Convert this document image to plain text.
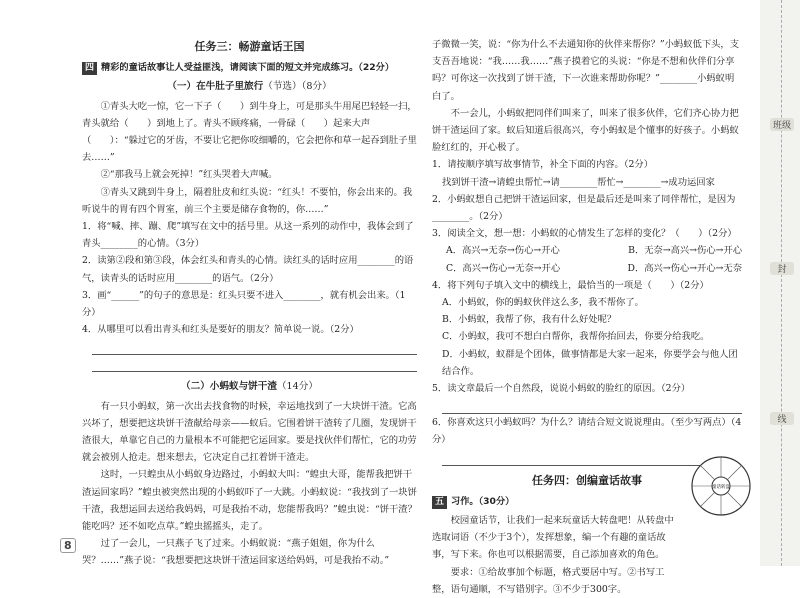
任务三：畅游童话王国
四 精彩的童话故事让人受益匪浅，请阅读下面的短文并完成练习。（22分）
（一）在牛肚子里旅行（节选）（8分）

①青头大吃一惊，它一下子（　　）到牛身上，可是那头牛用尾巴轻轻一扫，青头就给（　　）到地上了。青头不顾疼痛，一骨碌（　　）起来大声（　　）：“躲过它的牙齿，不要让它把你咬细嚼的，它会把你和草一起吞到肚子里去……”

②“那我马上就会死掉！”红头哭着大声喊。

③青头又跳到牛身上，隔着肚皮和红头说：“红头！不要怕，你会出来的。我听说牛的胃有四个胃室，前三个主要是储存食物的，你……”

1．将“喊、摔、蹦、爬”填写在文中的括号里。从这一系列的动作中，我体会到了青头________的心情。（3分）
2．读第②段和第③段，体会红头和青头的心情。读红头的话时应用________的语气，读青头的话时应用________的语气。（2分）
3．画“______”的句子的意思是：红头只要不进入________，就有机会出来。（1分）
4．从哪里可以看出青头和红头是要好的朋友？简单说一说。（2分）
（二）小蚂蚁与饼干渣（14分）

有一只小蚂蚁，第一次出去找食物的时候，幸运地找到了一大块饼干渣。它高兴坏了，想要把这块饼干渣献给母亲——蚁后。它围着饼干渣转了几圈，发现饼干渣很大，单靠它自己的力量根本不可能把它运回家。要是找伙伴们帮忙，它的功劳就会被别人抢走。想来想去，它决定自己扛着饼干渣走。

这时，一只蝗虫从小蚂蚁身边路过，小蚂蚁大叫：“蝗虫大哥，能帮我把饼干渣运回家吗？”蝗虫被突然出现的小蚂蚁吓了一大跳。小蚂蚁说：“我找到了一块饼干渣，我想运回去送给我妈妈，可是我抬不动，您能帮我吗？”蝗虫说：“饼干渣？能吃吗？还不如吃点草。”蝗虫摇摇头，走了。

过了一会儿，一只燕子飞了过来。小蚂蚁说：“燕子姐姐，你为什么哭？……”燕子说：“我想要把这块饼干渣运回家送给妈妈，可是我抬不动。”

子微微一笑，说：“你为什么不去通知你的伙伴来帮你？”小蚂蚁低下头，支支吾吾地说：“我……我……”燕子摸着它的头说：“你是不想和伙伴们分享吗？可你这一次找到了饼干渣，下一次谁来帮助你呢？”________小蚂蚁明白了。

不一会儿，小蚂蚁把同伴们叫来了，叫来了很多伙伴，它们齐心协力把饼干渣运回了家。蚁后知道后很高兴，夸小蚂蚁是个懂事的好孩子。小蚂蚁脸红红的，开心极了。

1．请按顺序填写故事情节，补全下面的内容。（2分）
找到饼干渣→请蝗虫帮忙→请________帮忙→________→成功运回家
2．小蚂蚁想自己把饼干渣运回家，但是最后还是叫来了同伴帮忙，是因为________。（2分）
3．阅读全文，想一想：小蚂蚁的心情发生了怎样的变化？（　　）（2分）
A．高兴→无奈→伤心→开心	B．无奈→高兴→伤心→开心
C．高兴→伤心→无奈→开心	D．高兴→伤心→开心→无奈
4．将下列句子填入文中的横线上，最恰当的一项是（　　）（2分）
A．小蚂蚁，你的蚂蚁伙伴这么多，我不帮你了。
B．小蚂蚁，我帮了你，我有什么好处呢？
C．小蚂蚁，我可不想白白帮你，我帮你抬回去，你要分给我吃。
D．小蚂蚁，蚁群是个团体，做事情都是大家一起来，你要学会与他人团结合作。
5．读文章最后一个自然段，说说小蚂蚁的脸红的原因。（2分）
6．你喜欢这只小蚂蚁吗？为什么？请结合短文说说理由。（至少写两点）（4分）
任务四：创编童话故事
五 习作。（30分）

校园童话节，让我们一起来玩童话大转盘吧！从转盘中选取词语（不少于3个），发挥想象，编一个有趣的童话故事，写下来。你也可以根据需要，自己添加喜欢的角色。

要求：①给故事加个标题，格式要居中写。②书写工整，语句通顺，不写错别字。③不少于300字。

童话转盘
班级
封
线
8
